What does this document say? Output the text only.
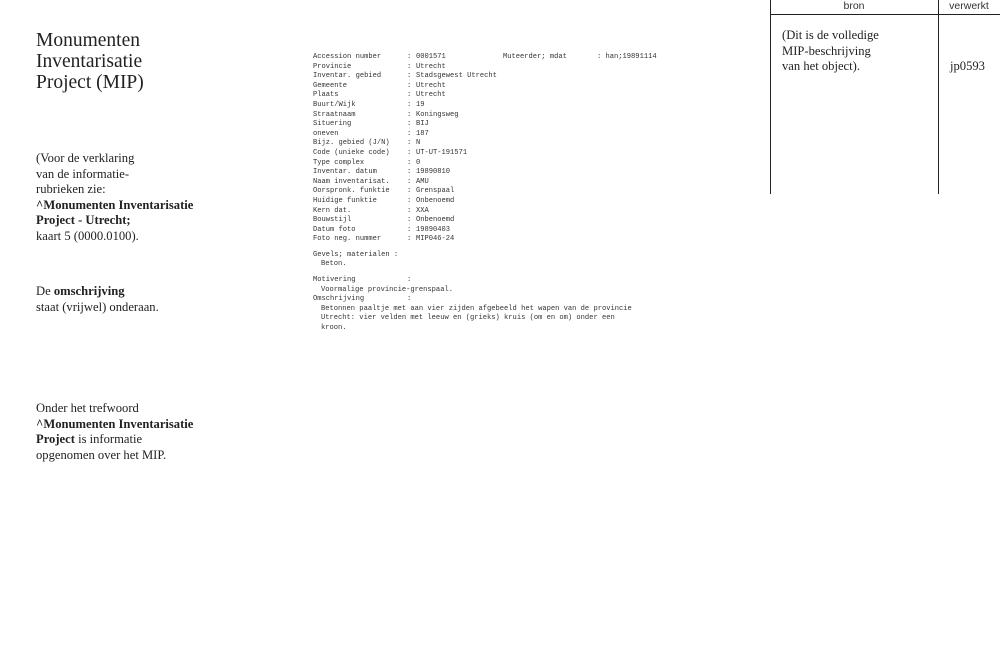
Monumenten
Inventarisatie
Project (MIP)
(Voor de verklaring
van de informatie-
rubrieken zie:
^Monumenten Inventarisatie
Project - Utrecht;
kaart 5 (0000.0100).
De omschrijving
staat (vrijwel) onderaan.
Onder het trefwoord
^Monumenten Inventarisatie
Project is informatie
opgenomen over het MIP.
Accession number	: 0001571	Muteerder; mdat	: han;19891114
Provincie	: Utrecht
Inventar. gebied	: Stadsgewest Utrecht
Gemeente	: Utrecht
Plaats	: Utrecht
Buurt/Wijk	: 19
Straatnaam	: Koningsweg
Situering	: BIJ
oneven	: 187
Bijz. gebied (J/N)	: N
Code (unieke code)	: UT-UT-191571
Type complex	: 0
Inventar. datum	: 19890810
Naam inventarisat.	: AMU
Oorspronk. funktie	: Grenspaal
Huidige funktie	: Onbenoemd
Kern dat.	: XXA
Bouwstijl	: Onbenoemd
Datum foto	: 19890403
Foto neg. nummer	: MIP046-24
Gevels; materialen :
Beton.
Motivering	:
Voormalige provincie-grenspaal.
Omschrijving	:
Betonnen paaltje met aan vier zijden afgebeeld het wapen van de provincie
Utrecht: vier velden met leeuw en (grieks) kruis (om en om) onder een
kroon.
bron	verwerkt
(Dit is de volledige
MIP-beschrijving
van het object).	jp0593
